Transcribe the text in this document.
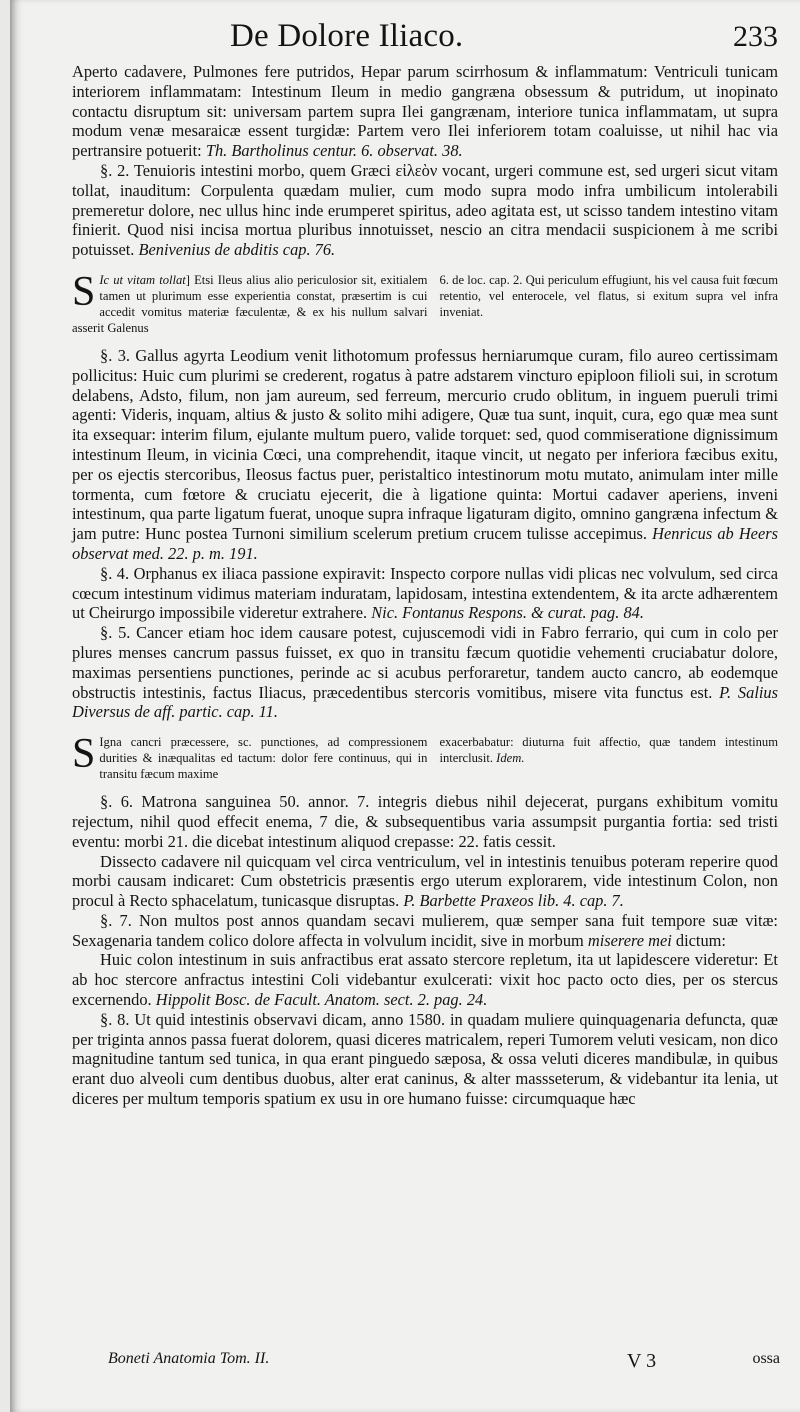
De Dolore Iliaco.	233

Aperto cadavere, Pulmones fere putridos, Hepar parum scirrhosum & inflammatum: Ventriculi tunicam interiorem inflammatam: Intestinum Ileum in medio gangræna obsessum & putridum, ut inopinato contactu disruptum sit: universam partem supra Ilei gangrænam, interiore tunica inflammatam, ut supra modum venæ mesaraicæ essent turgidæ: Partem vero Ilei inferiorem totam coaluisse, ut nihil hac via pertransire potuerit: Th. Bartholinus centur. 6. observat. 38.

§. 2. Tenuioris intestini morbo, quem Græci εἰλεὸν vocant, urgeri commune est, sed urgeri sicut vitam tollat, inauditum: Corpulenta quædam mulier, cum modo supra modo infra umbilicum intolerabili premeretur dolore, nec ullus hinc inde erumperet spiritus, adeo agitata est, ut scisso tandem intestino vitam finierit. Quod nisi incisa mortua pluribus innotuisset, nescio an citra mendacii suspicionem à me scribi potuisset. Benivenius de abditis cap. 76.

S Ic ut vitam tollat] Etsi Ileus alius alio periculosior sit, exitialem tamen ut plurimum esse experientia constat, præsertim is cui accedit vomitus materiæ fæculentæ, & ex his nullum salvari asserit Galenus

6. de loc. cap. 2. Qui periculum effugiunt, his vel causa fuit fœcum retentio, vel enterocele, vel flatus, si exitum supra vel infra inveniat.

§. 3. Gallus agyrta Leodium venit lithotomum professus herniarumque curam, filo aureo certissimam pollicitus: Huic cum plurimi se crederent, rogatus à patre adstarem vincturo epiploon filioli sui, in scrotum delabens, Adsto, filum, non jam aureum, sed ferreum, mercurio crudo oblitum, in inguem pueruli trimi agenti: Videris, inquam, altius & justo & solito mihi adigere, Quæ tua sunt, inquit, cura, ego quæ mea sunt ita exsequar: interim filum, ejulante multum puero, valide torquet: sed, quod commiseratione dignissimum intestinum Ileum, in vicinia Cœci, una comprehendit, itaque vincit, ut negato per inferiora fæcibus exitu, per os ejectis stercoribus, Ileosus factus puer, peristaltico intestinorum motu mutato, animulam inter mille tormenta, cum fœtore & cruciatu ejecerit, die à ligatione quinta: Mortui cadaver aperiens, inveni intestinum, qua parte ligatum fuerat, unoque supra infraque ligaturam digito, omnino gangræna infectum & jam putre: Hunc postea Turnoni similium scelerum pretium crucem tulisse accepimus. Henricus ab Heers observat med. 22. p. m. 191.

§. 4. Orphanus ex iliaca passione expiravit: Inspecto corpore nullas vidi plicas nec volvulum, sed circa cœcum intestinum vidimus materiam induratam, lapidosam, intestina extendentem, & ita arcte adhærentem ut Cheirurgo impossibile videretur extrahere. Nic. Fontanus Respons. & curat. pag. 84.

§. 5. Cancer etiam hoc idem causare potest, cujuscemodi vidi in Fabro ferrario, qui cum in colo per plures menses cancrum passus fuisset, ex quo in transitu fæcum quotidie vehementi cruciabatur dolore, maximas persentiens punctiones, perinde ac si acubus perforaretur, tandem aucto cancro, ab eodemque obstructis intestinis, factus Iliacus, præcedentibus stercoris vomitibus, misere vita functus est. P. Salius Diversus de aff. partic. cap. 11.

S Igna cancri præcessere, sc. punctiones, ad compressionem durities & inæqualitas ed tactum: dolor fere continuus, qui in transitu fæcum maxime

exacerbabatur: diuturna fuit affectio, quæ tandem intestinum interclusit. Idem.

§. 6. Matrona sanguinea 50. annor. 7. integris diebus nihil dejecerat, purgans exhibitum vomitu rejectum, nihil quod effecit enema, 7 die, & subsequentibus varia assumpsit purgantia fortia: sed tristi eventu: morbi 21. die dicebat intestinum aliquod crepasse: 22. fatis cessit.

Dissecto cadavere nil quicquam vel circa ventriculum, vel in intestinis tenuibus poteram reperire quod morbi causam indicaret: Cum obstetricis præsentis ergo uterum explorarem, vide intestinum Colon, non procul à Recto sphacelatum, tunicasque disruptas. P. Barbette Praxeos lib. 4. cap. 7.

§. 7. Non multos post annos quandam secavi mulierem, quæ semper sana fuit tempore suæ vitæ: Sexagenaria tandem colico dolore affecta in volvulum incidit, sive in morbum miserere mei dictum:

Huic colon intestinum in suis anfractibus erat assato stercore repletum, ita ut lapidescere videretur: Et ab hoc stercore anfractus intestini Coli videbantur exulcerati: vixit hoc pacto octo dies, per os stercus excernendo. Hippolit Bosc. de Facult. Anatom. sect. 2. pag. 24.

§. 8. Ut quid intestinis observavi dicam, anno 1580. in quadam muliere quinquagenaria defuncta, quæ per triginta annos passa fuerat dolorem, quasi diceres matricalem, reperi Tumorem veluti vesicam, non dico magnitudine tantum sed tunica, in qua erant pinguedo sæposa, & ossa veluti diceres mandibulæ, in quibus erant duo alveoli cum dentibus duobus, alter erat caninus, & alter massseterum, & videbantur ita lenia, ut diceres per multum temporis spatium ex usu in ore humano fuisse: circumquaque hæc

Boneti Anatomia Tom. II.	V 3	ossa
